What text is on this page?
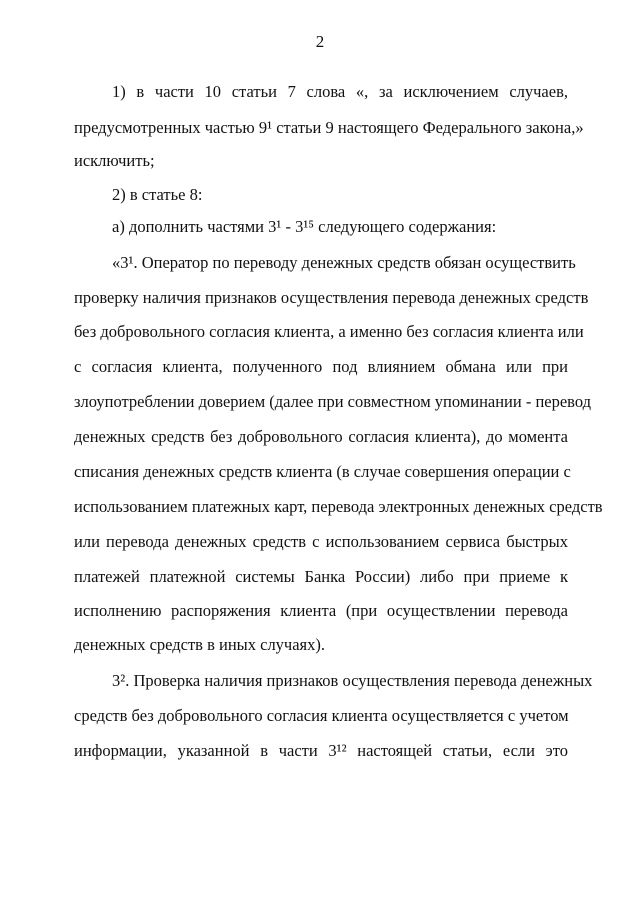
2
1) в части 10 статьи 7 слова «, за исключением случаев,
предусмотренных частью 9¹ статьи 9 настоящего Федерального закона,»
исключить;
2) в статье 8:
а) дополнить частями 3¹ - 3¹⁵ следующего содержания:
«3¹. Оператор по переводу денежных средств обязан осуществить
проверку наличия признаков осуществления перевода денежных средств
без добровольного согласия клиента, а именно без согласия клиента или
с согласия клиента, полученного под влиянием обмана или при
злоупотреблении доверием (далее при совместном упоминании - перевод
денежных средств без добровольного согласия клиента), до момента
списания денежных средств клиента (в случае совершения операции с
использованием платежных карт, перевода электронных денежных средств
или перевода денежных средств с использованием сервиса быстрых
платежей платежной системы Банка России) либо при приеме к
исполнению распоряжения клиента (при осуществлении перевода
денежных средств в иных случаях).
3². Проверка наличия признаков осуществления перевода денежных
средств без добровольного согласия клиента осуществляется с учетом
информации, указанной в части 3¹² настоящей статьи, если это
